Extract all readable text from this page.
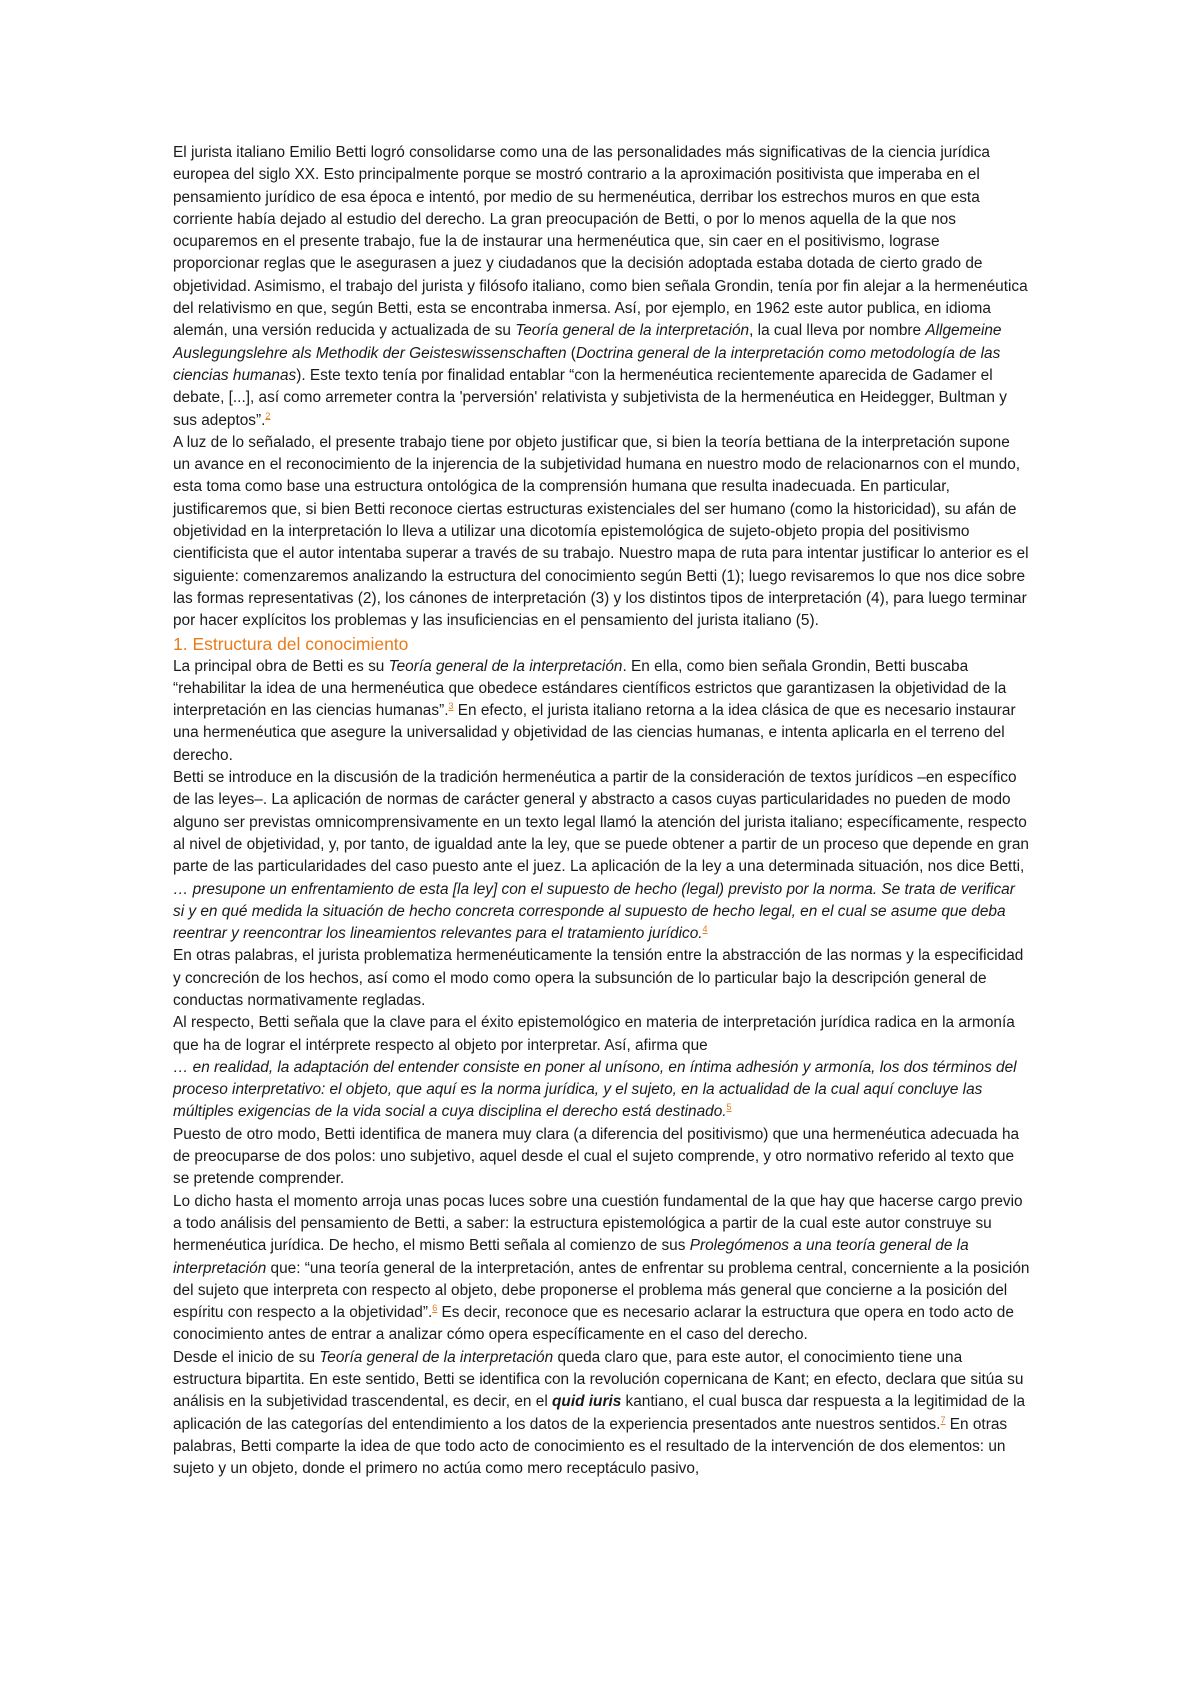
El jurista italiano Emilio Betti logró consolidarse como una de las personalidades más significativas de la ciencia jurídica europea del siglo XX. Esto principalmente porque se mostró contrario a la aproximación positivista que imperaba en el pensamiento jurídico de esa época e intentó, por medio de su hermenéutica, derribar los estrechos muros en que esta corriente había dejado al estudio del derecho. La gran preocupación de Betti, o por lo menos aquella de la que nos ocuparemos en el presente trabajo, fue la de instaurar una hermenéutica que, sin caer en el positivismo, lograse proporcionar reglas que le asegurasen a juez y ciudadanos que la decisión adoptada estaba dotada de cierto grado de objetividad. Asimismo, el trabajo del jurista y filósofo italiano, como bien señala Grondin, tenía por fin alejar a la hermenéutica del relativismo en que, según Betti, esta se encontraba inmersa. Así, por ejemplo, en 1962 este autor publica, en idioma alemán, una versión reducida y actualizada de su Teoría general de la interpretación, la cual lleva por nombre Allgemeine Auslegungslehre als Methodik der Geisteswissenschaften (Doctrina general de la interpretación como metodología de las ciencias humanas). Este texto tenía por finalidad entablar “con la hermenéutica recientemente aparecida de Gadamer el debate, [...], así como arremeter contra la 'perversión' relativista y subjetivista de la hermenéutica en Heidegger, Bultman y sus adeptos”.$^2$

A luz de lo señalado, el presente trabajo tiene por objeto justificar que, si bien la teoría bettiana de la interpretación supone un avance en el reconocimiento de la injerencia de la subjetividad humana en nuestro modo de relacionarnos con el mundo, esta toma como base una estructura ontológica de la comprensión humana que resulta inadecuada. En particular, justificaremos que, si bien Betti reconoce ciertas estructuras existenciales del ser humano (como la historicidad), su afán de objetividad en la interpretación lo lleva a utilizar una dicotomía epistemológica de sujeto-objeto propia del positivismo cientificista que el autor intentaba superar a través de su trabajo. Nuestro mapa de ruta para intentar justificar lo anterior es el siguiente: comenzaremos analizando la estructura del conocimiento según Betti (1); luego revisaremos lo que nos dice sobre las formas representativas (2), los cánones de interpretación (3) y los distintos tipos de interpretación (4), para luego terminar por hacer explícitos los problemas y las insuficiencias en el pensamiento del jurista italiano (5).

1. Estructura del conocimiento

La principal obra de Betti es su Teoría general de la interpretación. En ella, como bien señala Grondin, Betti buscaba “rehabilitar la idea de una hermenéutica que obedece estándares científicos estrictos que garantizasen la objetividad de la interpretación en las ciencias humanas”.$^3$ En efecto, el jurista italiano retorna a la idea clásica de que es necesario instaurar una hermenéutica que asegure la universalidad y objetividad de las ciencias humanas, e intenta aplicarla en el terreno del derecho.

Betti se introduce en la discusión de la tradición hermenéutica a partir de la consideración de textos jurídicos –en específico de las leyes–. La aplicación de normas de carácter general y abstracto a casos cuyas particularidades no pueden de modo alguno ser previstas omnicomprensivamente en un texto legal llamó la atención del jurista italiano; específicamente, respecto al nivel de objetividad, y, por tanto, de igualdad ante la ley, que se puede obtener a partir de un proceso que depende en gran parte de las particularidades del caso puesto ante el juez. La aplicación de la ley a una determinada situación, nos dice Betti,

… presupone un enfrentamiento de esta [la ley] con el supuesto de hecho (legal) previsto por la norma. Se trata de verificar si y en qué medida la situación de hecho concreta corresponde al supuesto de hecho legal, en el cual se asume que deba reentrar y reencontrar los lineamientos relevantes para el tratamiento jurídico.$^4$

En otras palabras, el jurista problematiza hermenéuticamente la tensión entre la abstracción de las normas y la especificidad y concreción de los hechos, así como el modo como opera la subsunción de lo particular bajo la descripción general de conductas normativamente regladas.

Al respecto, Betti señala que la clave para el éxito epistemológico en materia de interpretación jurídica radica en la armonía que ha de lograr el intérprete respecto al objeto por interpretar. Así, afirma que

… en realidad, la adaptación del entender consiste en poner al unísono, en íntima adhesión y armonía, los dos términos del proceso interpretativo: el objeto, que aquí es la norma jurídica, y el sujeto, en la actualidad de la cual aquí concluye las múltiples exigencias de la vida social a cuya disciplina el derecho está destinado.$^5$

Puesto de otro modo, Betti identifica de manera muy clara (a diferencia del positivismo) que una hermenéutica adecuada ha de preocuparse de dos polos: uno subjetivo, aquel desde el cual el sujeto comprende, y otro normativo referido al texto que se pretende comprender.

Lo dicho hasta el momento arroja unas pocas luces sobre una cuestión fundamental de la que hay que hacerse cargo previo a todo análisis del pensamiento de Betti, a saber: la estructura epistemológica a partir de la cual este autor construye su hermenéutica jurídica. De hecho, el mismo Betti señala al comienzo de sus Prolegómenos a una teoría general de la interpretación que: “una teoría general de la interpretación, antes de enfrentar su problema central, concerniente a la posición del sujeto que interpreta con respecto al objeto, debe proponerse el problema más general que concierne a la posición del espíritu con respecto a la objetividad”.$^6$ Es decir, reconoce que es necesario aclarar la estructura que opera en todo acto de conocimiento antes de entrar a analizar cómo opera específicamente en el caso del derecho.

Desde el inicio de su Teoría general de la interpretación queda claro que, para este autor, el conocimiento tiene una estructura bipartita. En este sentido, Betti se identifica con la revolución copernicana de Kant; en efecto, declara que sitúa su análisis en la subjetividad trascendental, es decir, en el quid iuris kantiano, el cual busca dar respuesta a la legitimidad de la aplicación de las categorías del entendimiento a los datos de la experiencia presentados ante nuestros sentidos.$^7$ En otras palabras, Betti comparte la idea de que todo acto de conocimiento es el resultado de la intervención de dos elementos: un sujeto y un objeto, donde el primero no actúa como mero receptáculo pasivo,
